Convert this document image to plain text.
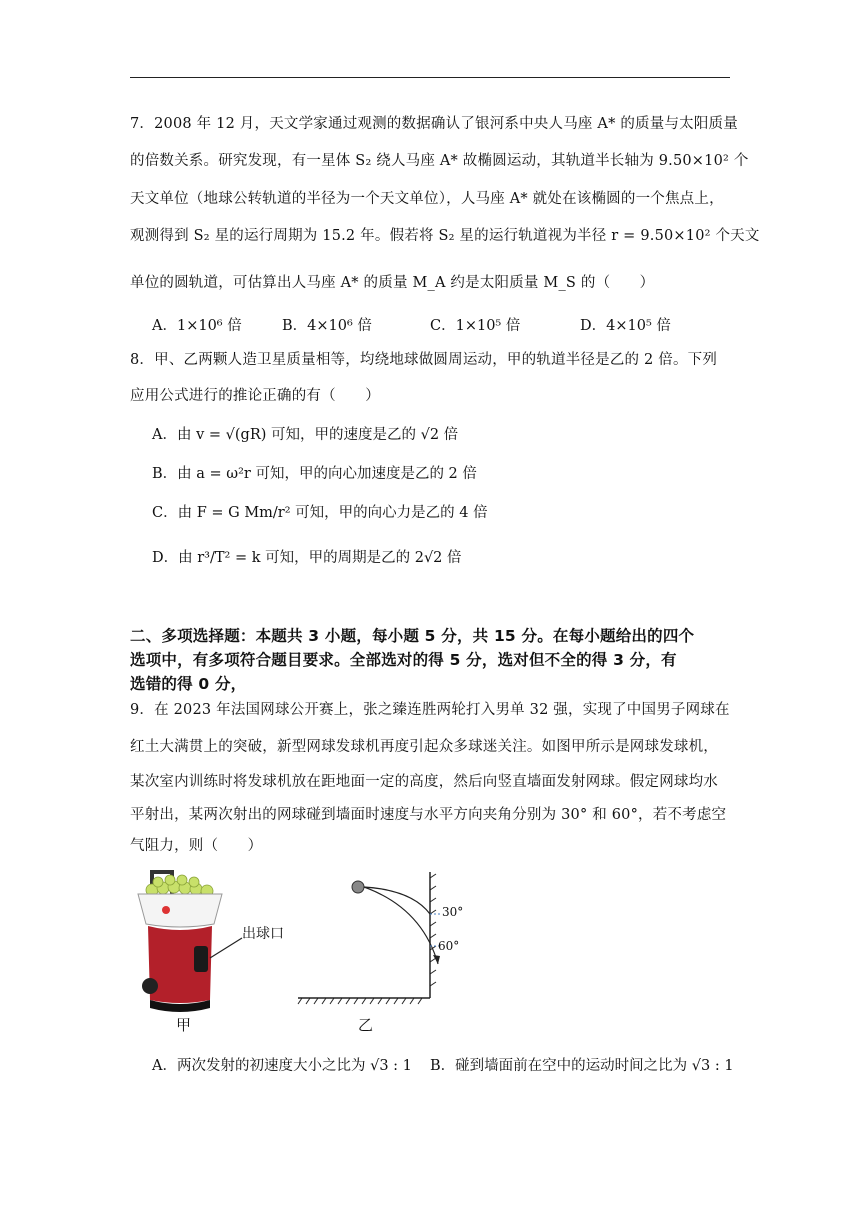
7．2008 年 12 月，天文学家通过观测的数据确认了银河系中央人马座 A* 的质量与太阳质量
的倍数关系。研究发现，有一星体 S₂ 绕人马座 A* 故椭圆运动，其轨道半长轴为 9.50×10² 个
天文单位（地球公转轨道的半径为一个天文单位），人马座 A* 就处在该椭圆的一个焦点上，
观测得到 S₂ 星的运行周期为 15.2 年。假若将 S₂ 星的运行轨道视为半径 r = 9.50×10² 个天文
单位的圆轨道，可估算出人马座 A* 的质量 M_A 约是太阳质量 M_S 的（　　）
A．1×10⁶ 倍	B．4×10⁶ 倍	C．1×10⁵ 倍	D．4×10⁵ 倍
8．甲、乙两颗人造卫星质量相等，均绕地球做圆周运动，甲的轨道半径是乙的 2 倍。下列
应用公式进行的推论正确的有（　　）
A．由 v = √(gR) 可知，甲的速度是乙的 √2 倍
B．由 a = ω²r 可知，甲的向心加速度是乙的 2 倍
C．由 F = G Mm/r² 可知，甲的向心力是乙的 4 倍
D．由 r³/T² = k 可知，甲的周期是乙的 2√2 倍
二、多项选择题：本题共 3 小题，每小题 5 分，共 15 分。在每小题给出的四个
选项中，有多项符合题目要求。全部选对的得 5 分，选对但不全的得 3 分，有
选错的得 0 分，
9．在 2023 年法国网球公开赛上，张之臻连胜两轮打入男单 32 强，实现了中国男子网球在
红土大满贯上的突破，新型网球发球机再度引起众多球迷关注。如图甲所示是网球发球机，
某次室内训练时将发球机放在距地面一定的高度，然后向竖直墙面发射网球。假定网球均水
平射出，某两次射出的网球碰到墙面时速度与水平方向夹角分别为 30° 和 60°，若不考虑空
气阻力，则（　　）
出球口
甲
30°
60°
乙
A．两次发射的初速度大小之比为 √3 : 1 B．碰到墙面前在空中的运动时间之比为 √3 : 1
